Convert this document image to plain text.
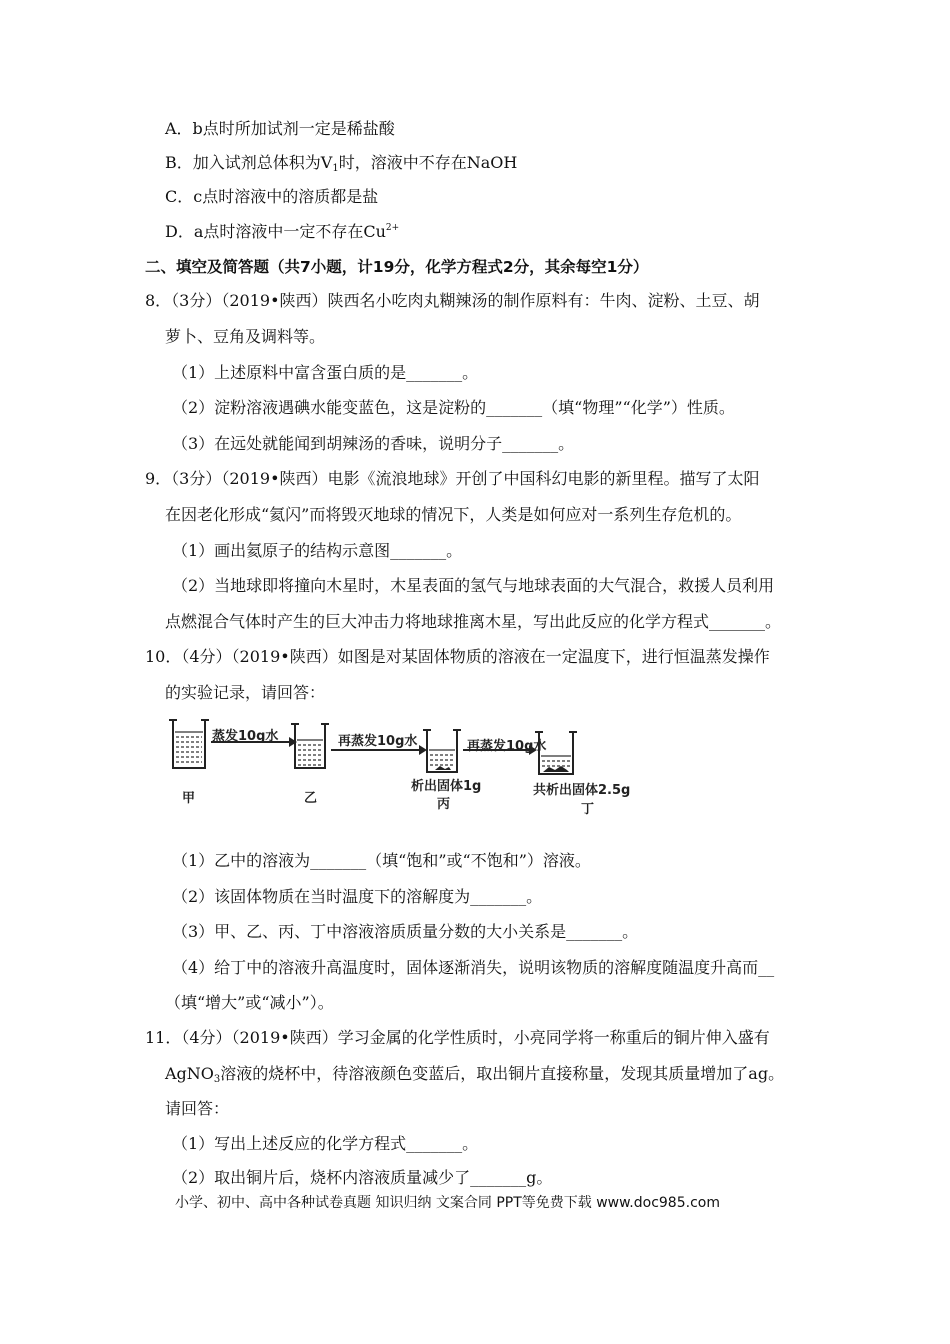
A．b点时所加试剂一定是稀盐酸
B．加入试剂总体积为$V_1$时，溶液中不存在NaOH
C．c点时溶液中的溶质都是盐
D．a点时溶液中一定不存在$Cu^{2+}$
二、填空及简答题（共7小题，计19分，化学方程式2分，其余每空1分）
8．（3分）（2019•陕西）陕西名小吃肉丸糊辣汤的制作原料有：牛肉、淀粉、土豆、胡
萝卜、豆角及调料等。
（1）上述原料中富含蛋白质的是_______。
（2）淀粉溶液遇碘水能变蓝色，这是淀粉的_______（填“物理”“化学”）性质。
（3）在远处就能闻到胡辣汤的香味，说明分子_______。
9．（3分）（2019•陕西）电影《流浪地球》开创了中国科幻电影的新里程。描写了太阳
在因老化形成“氦闪”而将毁灭地球的情况下，人类是如何应对一系列生存危机的。
（1）画出氦原子的结构示意图_______。
（2）当地球即将撞向木星时，木星表面的氢气与地球表面的大气混合，救援人员利用
点燃混合气体时产生的巨大冲击力将地球推离木星，写出此反应的化学方程式_______。
10．（4分）（2019•陕西）如图是对某固体物质的溶液在一定温度下，进行恒温蒸发操作
的实验记录，请回答：
蒸发10g水	再蒸发10g水	再蒸发10g水
析出固体1g	共析出固体2.5g
甲	乙	丙	丁
（1）乙中的溶液为_______（填“饱和”或“不饱和”）溶液。
（2）该固体物质在当时温度下的溶解度为_______。
（3）甲、乙、丙、丁中溶液溶质质量分数的大小关系是_______。
（4）给丁中的溶液升高温度时，固体逐渐消失，说明该物质的溶解度随温度升高而__
（填“增大”或“减小”）。
11．（4分）（2019•陕西）学习金属的化学性质时，小亮同学将一称重后的铜片伸入盛有
AgNO$_3$溶液的烧杯中，待溶液颜色变蓝后，取出铜片直接称量，发现其质量增加了ag。
请回答：
（1）写出上述反应的化学方程式_______。
（2）取出铜片后，烧杯内溶液质量减少了_______g。
小学、初中、高中各种试卷真题 知识归纳 文案合同 PPT等免费下载 www.doc985.com
